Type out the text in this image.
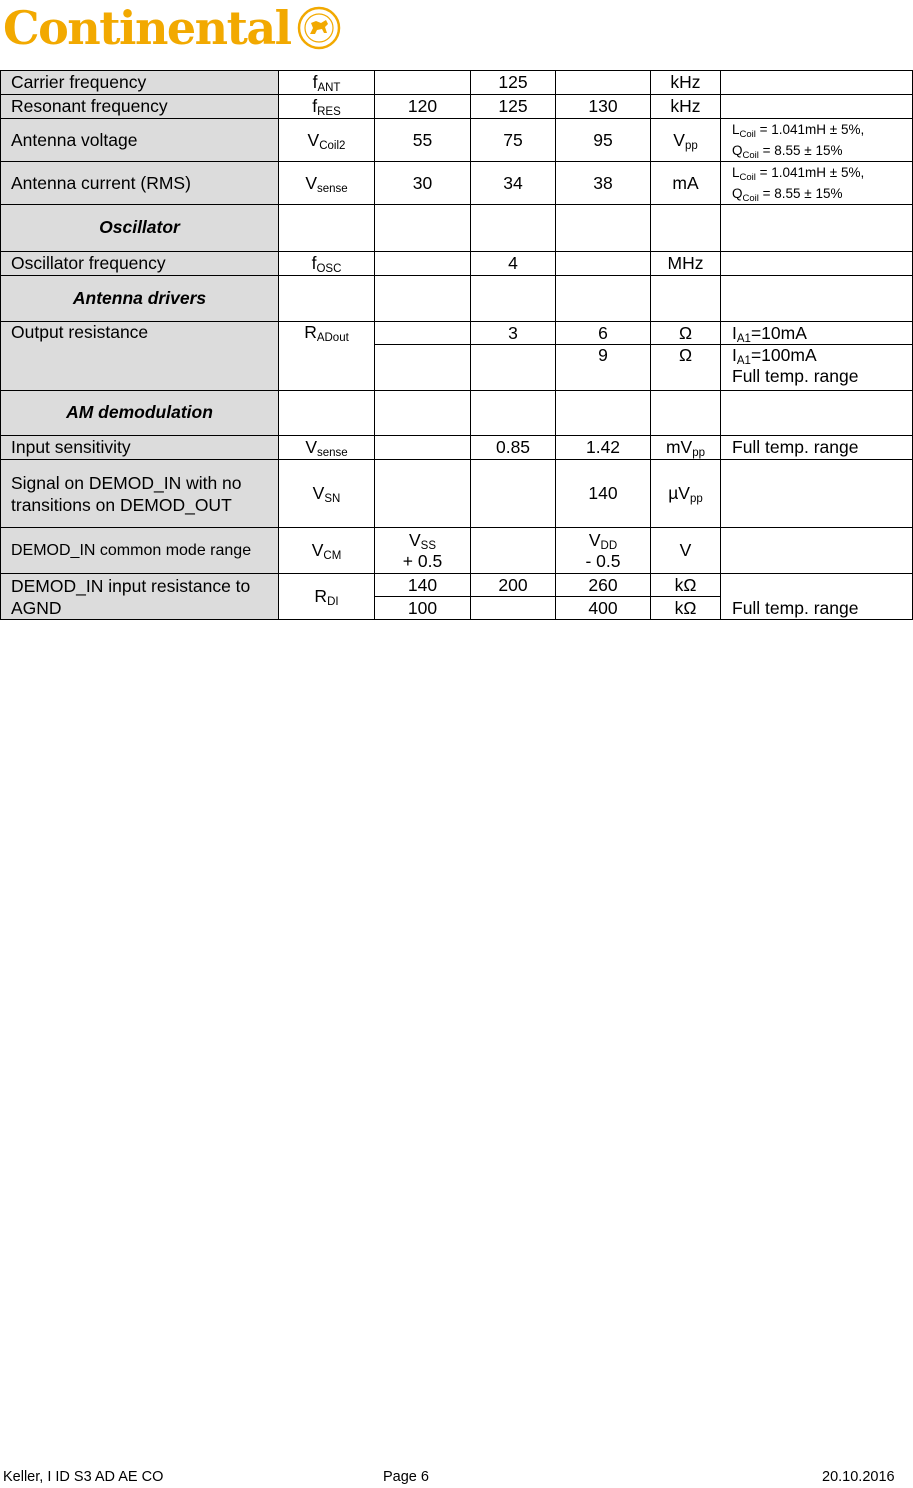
Continental
Carrier frequency	$f_{ANT}$		125		kHz	
Resonant frequency	$f_{RES}$	120	125	130	kHz	
Antenna voltage	$V_{Coil2}$	55	75	95	$V_{pp}$	$L_{Coil} = 1.041mH \pm 5\%$,
$Q_{Coil} = 8.55 \pm 15\%$
Antenna current (RMS)	$V_{sense}$	30	34	38	mA	$L_{Coil} = 1.041mH \pm 5\%$,
$Q_{Coil} = 8.55 \pm 15\%$

Oscillator						

Oscillator frequency	$f_{OSC}$		4		MHz	

Antenna drivers						

Output resistance	$R_{ADout}$		3	6	Ω	$I_{A1}=10mA$
				9	Ω	$I_{A1}=100mA$
Full temp. range

AM demodulation						

Input sensitivity	$V_{sense}$		0.85	1.42	$mV_{pp}$	Full temp. range
Signal on DEMOD_IN with no transitions on DEMOD_OUT	$V_{SN}$			140	µV$_{pp}$	
DEMOD_IN common mode range	$V_{CM}$	$V_{SS}$
+ 0.5		$V_{DD}$
- 0.5	V	
DEMOD_IN input resistance to AGND	$R_{DI}$	140	200	260	kΩ	Full temp. range
		100		400	kΩ	
Keller, I ID S3 AD AE CO	Page 6	20.10.2016
